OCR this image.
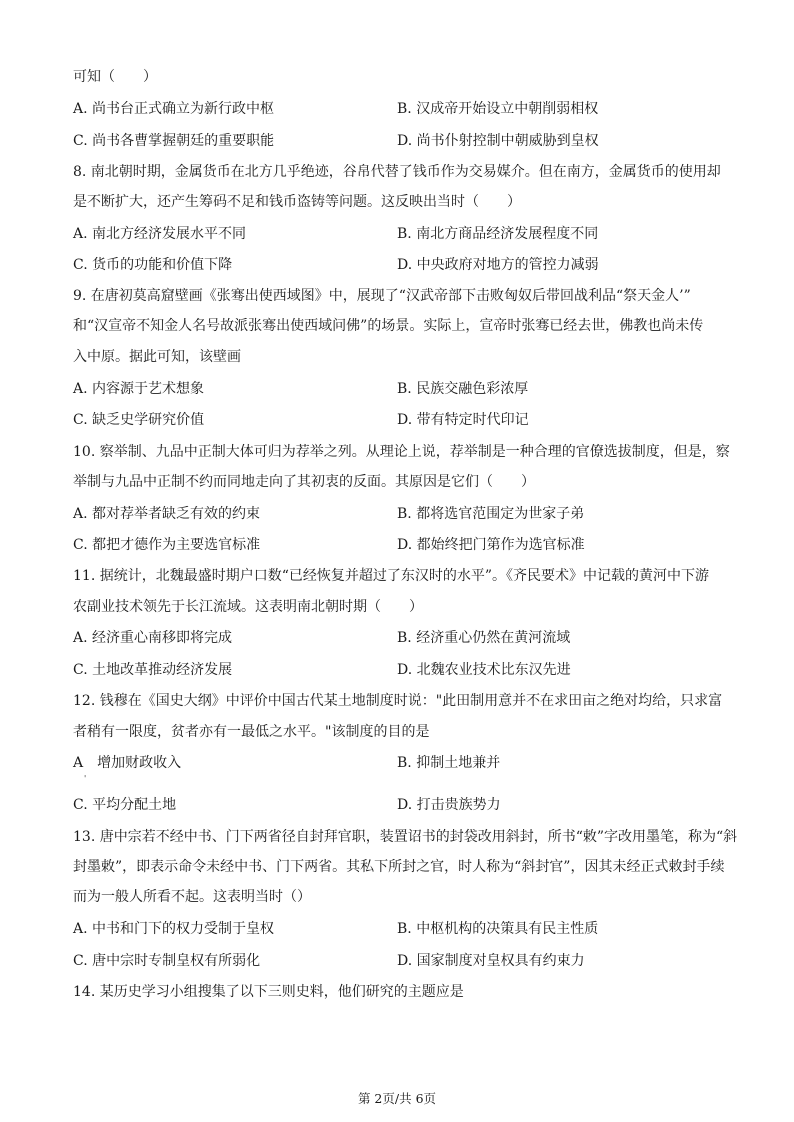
可知（　　）
A. 尚书台正式确立为新行政中枢	B. 汉成帝开始设立中朝削弱相权
C. 尚书各曹掌握朝廷的重要职能	D. 尚书仆射控制中朝威胁到皇权
8. 南北朝时期，金属货币在北方几乎绝迹，谷帛代替了钱币作为交易媒介。但在南方，金属货币的使用却
是不断扩大，还产生筹码不足和钱币盗铸等问题。这反映出当时（　　）
A. 南北方经济发展水平不同	B. 南北方商品经济发展程度不同
C. 货币的功能和价值下降	D. 中央政府对地方的管控力减弱
9. 在唐初莫高窟壁画《张骞出使西域图》中，展现了“汉武帝部下击败匈奴后带回战利品“祭天金人’”
和“汉宣帝不知金人名号故派张骞出使西域问佛”的场景。实际上，宣帝时张骞已经去世，佛教也尚未传
入中原。据此可知，该壁画
A. 内容源于艺术想象	B. 民族交融色彩浓厚
C. 缺乏史学研究价值	D. 带有特定时代印记
10. 察举制、九品中正制大体可归为荐举之列。从理论上说，荐举制是一种合理的官僚选拔制度，但是，察
举制与九品中正制不约而同地走向了其初衷的反面。其原因是它们（　　）
A. 都对荐举者缺乏有效的约束	B. 都将选官范围定为世家子弟
C. 都把才德作为主要选官标准	D. 都始终把门第作为选官标准
11. 据统计，北魏最盛时期户口数“已经恢复并超过了东汉时的水平”。《齐民要术》中记载的黄河中下游
农副业技术领先于长江流域。这表明南北朝时期（　　）
A. 经济重心南移即将完成	B. 经济重心仍然在黄河流域
C. 土地改革推动经济发展	D. 北魏农业技术比东汉先进
12. 钱穆在《国史大纲》中评价中国古代某土地制度时说："此田制用意并不在求田亩之绝对均给，只求富
者稍有一限度，贫者亦有一最低之水平。"该制度的目的是
A　增加财政收入	B. 抑制土地兼并
'
C. 平均分配土地	D. 打击贵族势力
13. 唐中宗若不经中书、门下两省径自封拜官职，装置诏书的封袋改用斜封，所书“敕”字改用墨笔，称为“斜
封墨敕”，即表示命令未经中书、门下两省。其私下所封之官，时人称为“斜封官”，因其未经正式敕封手续
而为一般人所看不起。这表明当时（）
A. 中书和门下的权力受制于皇权	B. 中枢机构的决策具有民主性质
C. 唐中宗时专制皇权有所弱化	D. 国家制度对皇权具有约束力
14. 某历史学习小组搜集了以下三则史料，他们研究的主题应是
第 2页/共 6页
